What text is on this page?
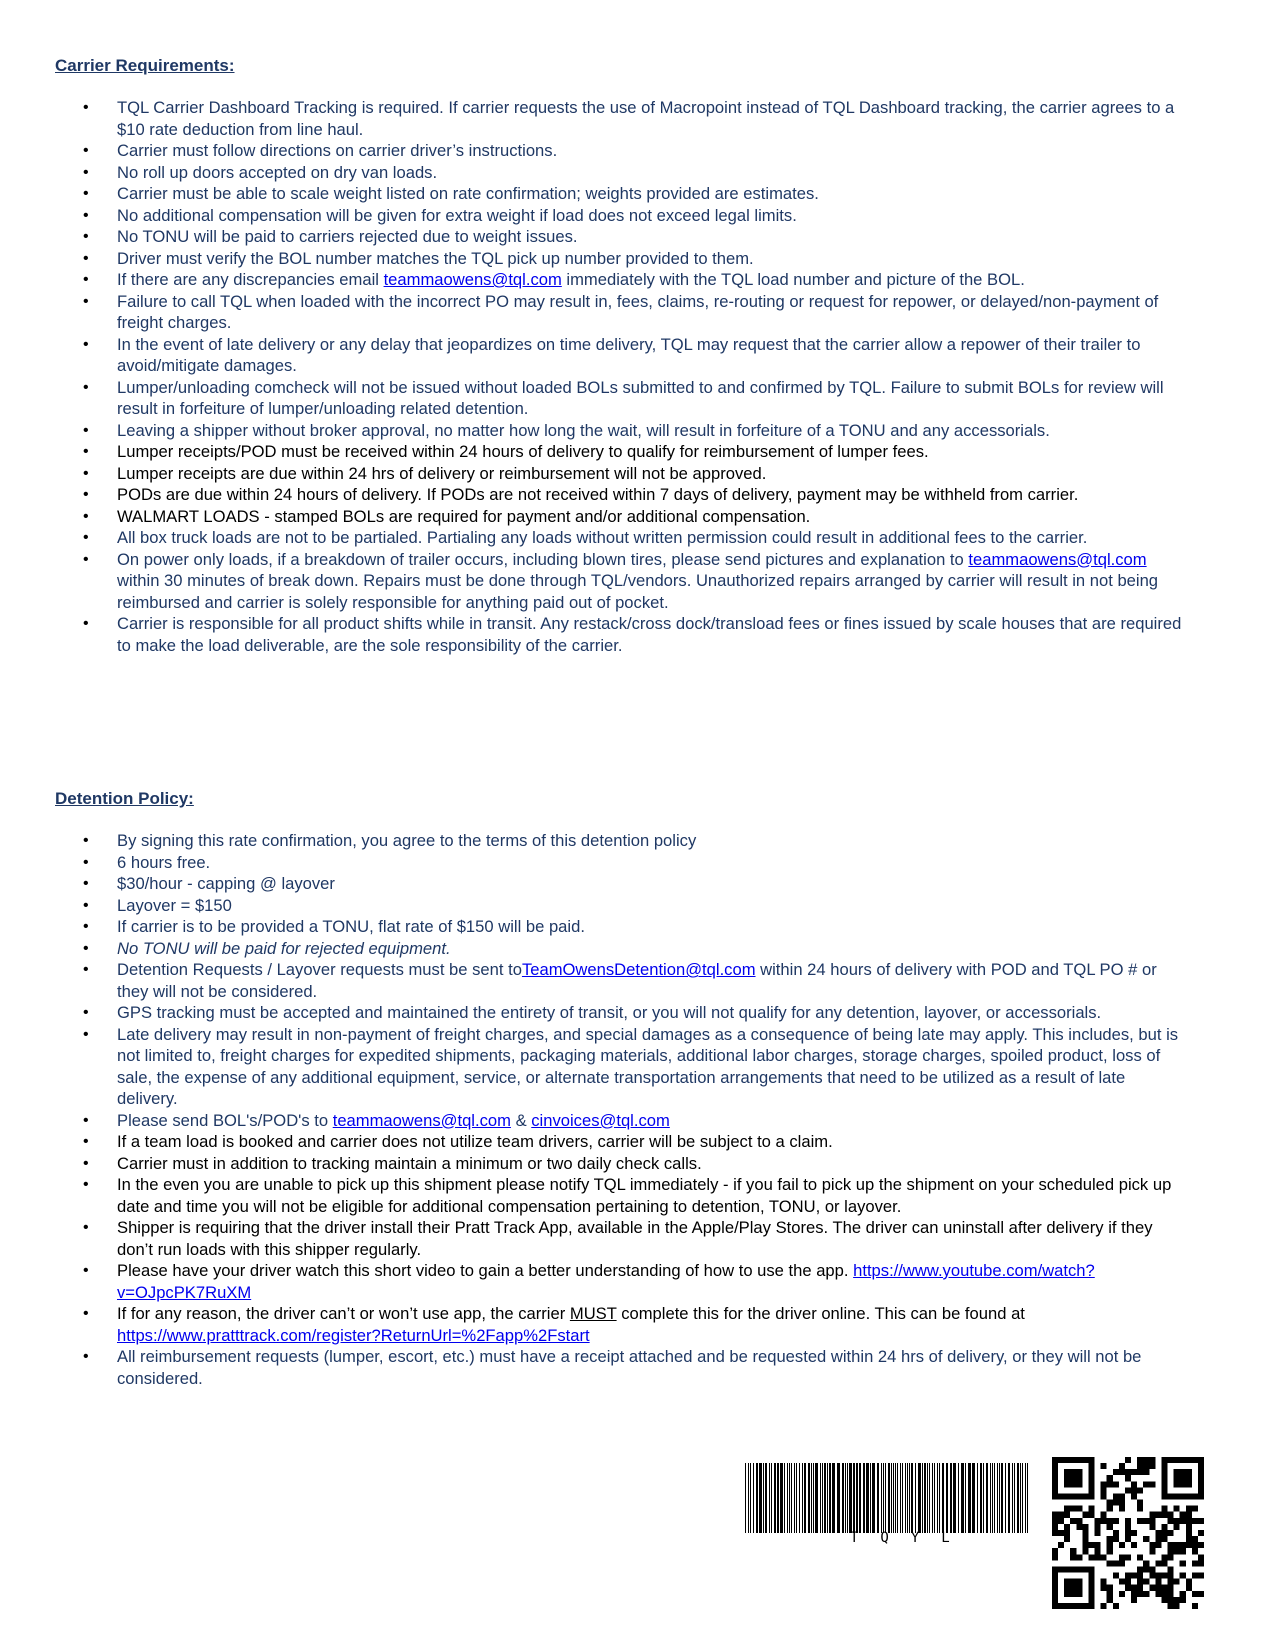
Carrier Requirements:
• TQL Carrier Dashboard Tracking is required. If carrier requests the use of Macropoint instead of TQL Dashboard tracking, the carrier agrees to a $10 rate deduction from line haul.
• Carrier must follow directions on carrier driver’s instructions.
• No roll up doors accepted on dry van loads.
• Carrier must be able to scale weight listed on rate confirmation; weights provided are estimates.
• No additional compensation will be given for extra weight if load does not exceed legal limits.
• No TONU will be paid to carriers rejected due to weight issues.
• Driver must verify the BOL number matches the TQL pick up number provided to them.
• If there are any discrepancies email teammaowens@tql.com immediately with the TQL load number and picture of the BOL.
• Failure to call TQL when loaded with the incorrect PO may result in, fees, claims, re-routing or request for repower, or delayed/non-payment of freight charges.
• In the event of late delivery or any delay that jeopardizes on time delivery, TQL may request that the carrier allow a repower of their trailer to avoid/mitigate damages.
• Lumper/unloading comcheck will not be issued without loaded BOLs submitted to and confirmed by TQL. Failure to submit BOLs for review will result in forfeiture of lumper/unloading related detention.
• Leaving a shipper without broker approval, no matter how long the wait, will result in forfeiture of a TONU and any accessorials.
• Lumper receipts/POD must be received within 24 hours of delivery to qualify for reimbursement of lumper fees.
• Lumper receipts are due within 24 hrs of delivery or reimbursement will not be approved.
• PODs are due within 24 hours of delivery. If PODs are not received within 7 days of delivery, payment may be withheld from carrier.
• WALMART LOADS - stamped BOLs are required for payment and/or additional compensation.
• All box truck loads are not to be partialed. Partialing any loads without written permission could result in additional fees to the carrier.
• On power only loads, if a breakdown of trailer occurs, including blown tires, please send pictures and explanation to teammaowens@tql.com within 30 minutes of break down. Repairs must be done through TQL/vendors. Unauthorized repairs arranged by carrier will result in not being reimbursed and carrier is solely responsible for anything paid out of pocket.
• Carrier is responsible for all product shifts while in transit. Any restack/cross dock/transload fees or fines issued by scale houses that are required to make the load deliverable, are the sole responsibility of the carrier.
Detention Policy:
• By signing this rate confirmation, you agree to the terms of this detention policy
• 6 hours free.
• $30/hour - capping @ layover
• Layover = $150
• If carrier is to be provided a TONU, flat rate of $150 will be paid.
• No TONU will be paid for rejected equipment.
• Detention Requests / Layover requests must be sent toTeamOwensDetention@tql.com within 24 hours of delivery with POD and TQL PO # or they will not be considered.
• GPS tracking must be accepted and maintained the entirety of transit, or you will not qualify for any detention, layover, or accessorials.
• Late delivery may result in non-payment of freight charges, and special damages as a consequence of being late may apply. This includes, but is not limited to, freight charges for expedited shipments, packaging materials, additional labor charges, storage charges, spoiled product, loss of sale, the expense of any additional equipment, service, or alternate transportation arrangements that need to be utilized as a result of late delivery.
• Please send BOL's/POD's to teammaowens@tql.com & cinvoices@tql.com
• If a team load is booked and carrier does not utilize team drivers, carrier will be subject to a claim.
• Carrier must in addition to tracking maintain a minimum or two daily check calls.
• In the even you are unable to pick up this shipment please notify TQL immediately - if you fail to pick up the shipment on your scheduled pick up date and time you will not be eligible for additional compensation pertaining to detention, TONU, or layover.
• Shipper is requiring that the driver install their Pratt Track App, available in the Apple/Play Stores. The driver can uninstall after delivery if they don’t run loads with this shipper regularly.
• Please have your driver watch this short video to gain a better understanding of how to use the app. https://www.youtube.com/watch?v=OJpcPK7RuXM
• If for any reason, the driver can’t or won’t use app, the carrier MUST complete this for the driver online. This can be found at https://www.pratttrack.com/register?ReturnUrl=%2Fapp%2Fstart
• All reimbursement requests (lumper, escort, etc.) must have a receipt attached and be requested within 24 hrs of delivery, or they will not be considered.
TQYL
